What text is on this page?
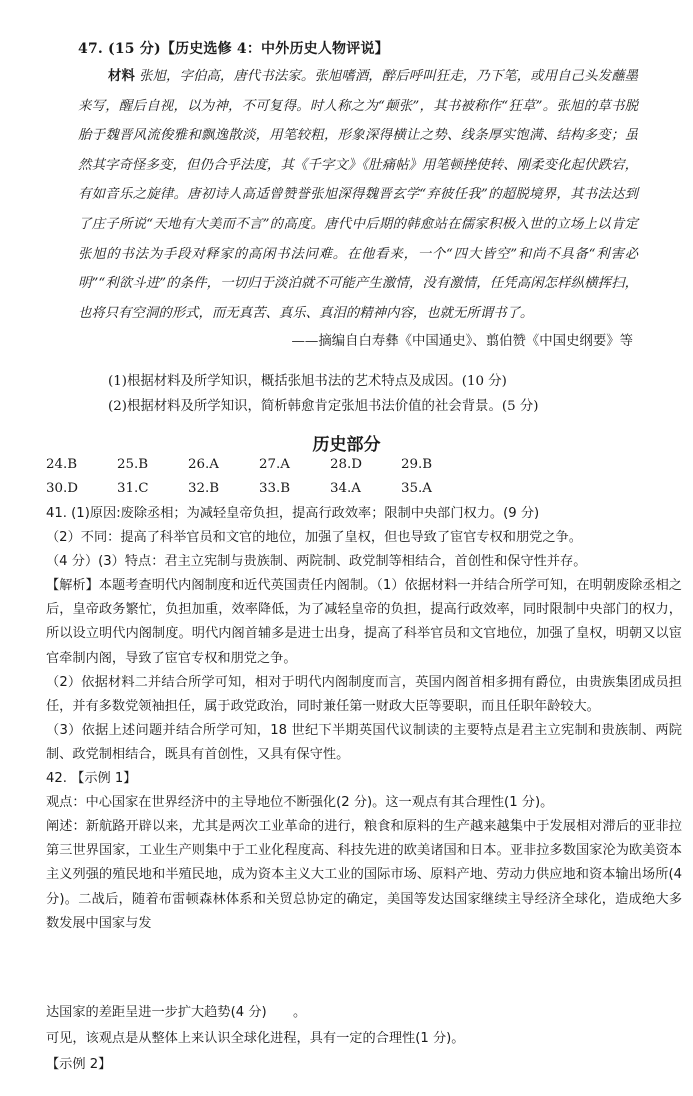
47. (15 分)【历史选修 4：中外历史人物评说】
材料 张旭，字伯高，唐代书法家。张旭嗜酒，醉后呼叫狂走，乃下笔，或用自己头发蘸墨来写，醒后自视，以为神，不可复得。时人称之为“颠张”，其书被称作“狂草”。张旭的草书脱胎于魏晋风流俊雅和飘逸散淡，用笔较粗，形象深得横让之势、线条厚实饱满、结构多变；虽然其字奇怪多变，但仍合乎法度，其《千字文》《肚痛帖》用笔顿挫使转、刚柔变化起伏跌宕，有如音乐之旋律。唐初诗人高适曾赞誉张旭深得魏晋玄学“弃彼任我”的超脱境界，其书法达到了庄子所说“天地有大美而不言”的高度。唐代中后期的韩愈站在儒家积极入世的立场上以肯定张旭的书法为手段对释家的高闲书法问难。在他看来，一个“四大皆空”和尚不具备“利害必明”“利欲斗进”的条件，一切归于淡泊就不可能产生激情，没有激情，任凭高闲怎样纵横挥扫，也将只有空洞的形式，而无真苦、真乐、真泪的精神内容，也就无所谓书了。
——摘编自白寿彝《中国通史》、翦伯赞《中国史纲要》等
(1)根据材料及所学知识，概括张旭书法的艺术特点及成因。(10 分)
(2)根据材料及所学知识，简析韩愈肯定张旭书法价值的社会背景。(5 分)
历史部分
24.B	25.B	26.A	27.A	28.D	29.B
30.D	31.C	32.B	33.B	34.A	35.A

41. (1)原因:废除丞相；为减轻皇帝负担，提高行政效率；限制中央部门权力。(9 分)

（2）不同：提高了科举官员和文官的地位，加强了皇权，但也导致了宦官专权和朋党之争。

（4 分）(3）特点：君主立宪制与贵族制、两院制、政党制等相结合，首创性和保守性并存。

【解析】本题考查明代内阁制度和近代英国责任内阁制。（1）依据材料一并结合所学可知，在明朝废除丞相之后，皇帝政务繁忙，负担加重，效率降低，为了减轻皇帝的负担，提高行政效率，同时限制中央部门的权力，所以设立明代内阁制度。明代内阁首辅多是进士出身，提高了科举官员和文官地位，加强了皇权，明朝又以宦官牵制内阁，导致了宦官专权和朋党之争。

（2）依据材料二并结合所学可知，相对于明代内阁制度而言，英国内阁首相多拥有爵位，由贵族集团成员担任，并有多数党领袖担任，属于政党政治，同时兼任第一财政大臣等要职，而且任职年龄较大。

（3）依据上述问题并结合所学可知，18 世纪下半期英国代议制读的主要特点是君主立宪制和贵族制、两院制、政党制相结合，既具有首创性，又具有保守性。

42. 【示例 1】

观点：中心国家在世界经济中的主导地位不断强化(2 分)。这一观点有其合理性(1 分)。

阐述：新航路开辟以来，尤其是两次工业革命的进行，粮食和原料的生产越来越集中于发展相对滞后的亚非拉第三世界国家，工业生产则集中于工业化程度高、科技先进的欧美诸国和日本。亚非拉多数国家沦为欧美资本主义列强的殖民地和半殖民地，成为资本主义大工业的国际市场、原料产地、劳动力供应地和资本输出场所(4 分)。二战后，随着布雷顿森林体系和关贸总协定的确定，美国等发达国家继续主导经济全球化，造成绝大多数发展中国家与发

达国家的差距呈进一步扩大趋势(4 分)　　。

可见，该观点是从整体上来认识全球化进程，具有一定的合理性(1 分)。

【示例 2】
